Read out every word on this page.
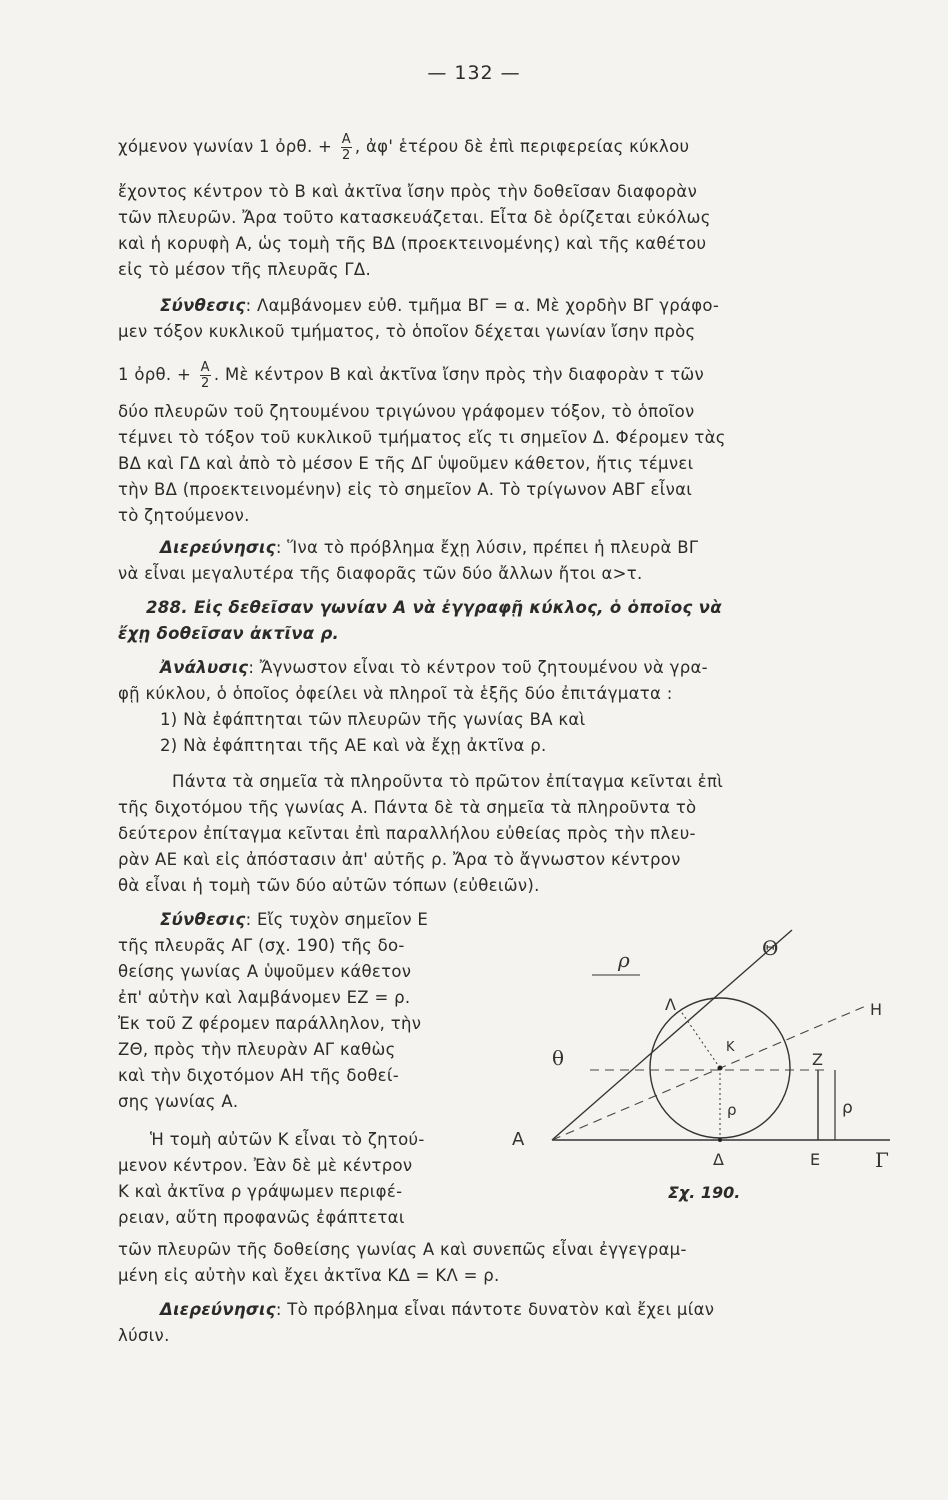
— 132 —
χόμενον γωνίαν 1 ὀρθ. + $\frac{A}{2}$ , ἀφ' ἑτέρου δὲ ἐπὶ περιφερείας κύκλου
ἔχοντος κέντρον τὸ Β καὶ ἀκτῖνα ἴσην πρὸς τὴν δοθεῖσαν διαφορὰν
τῶν πλευρῶν. Ἄρα τοῦτο κατασκευάζεται. Εἶτα δὲ ὁρίζεται εὐκόλως
καὶ ἡ κορυφὴ Α, ὡς τομὴ τῆς ΒΔ (προεκτεινομένης) καὶ τῆς καθέτου
εἰς τὸ μέσον τῆς πλευρᾶς ΓΔ.
Σύνθεσις: Λαμβάνομεν εὐθ. τμῆμα ΒΓ = α. Μὲ χορδὴν ΒΓ γράφο-
μεν τόξον κυκλικοῦ τμήματος, τὸ ὁποῖον δέχεται γωνίαν ἴσην πρὸς
1 ὀρθ. + $\frac{A}{2}$ . Μὲ κέντρον Β καὶ ἀκτῖνα ἴσην πρὸς τὴν διαφορὰν τ τῶν
δύο πλευρῶν τοῦ ζητουμένου τριγώνου γράφομεν τόξον, τὸ ὁποῖον
τέμνει τὸ τόξον τοῦ κυκλικοῦ τμήματος εἴς τι σημεῖον Δ. Φέρομεν τὰς
ΒΔ καὶ ΓΔ καὶ ἀπὸ τὸ μέσον Ε τῆς ΔΓ ὑψοῦμεν κάθετον, ἥτις τέμνει
τὴν ΒΔ (προεκτεινομένην) εἰς τὸ σημεῖον Α. Τὸ τρίγωνον ΑΒΓ εἶναι
τὸ ζητούμενον.
Διερεύνησις: Ἵνα τὸ πρόβλημα ἔχῃ λύσιν, πρέπει ἡ πλευρὰ ΒΓ
νὰ εἶναι μεγαλυτέρα τῆς διαφορᾶς τῶν δύο ἄλλων ἤτοι α>τ.
288. Εἰς δεθεῖσαν γωνίαν Α νὰ ἐγγραφῇ κύκλος, ὁ ὁποῖος νὰ
ἔχῃ δοθεῖσαν ἀκτῖνα ρ.
Ἀνάλυσις: Ἄγνωστον εἶναι τὸ κέντρον τοῦ ζητουμένου νὰ γρα-
φῇ κύκλου, ὁ ὁποῖος ὀφείλει νὰ πληροῖ τὰ ἑξῆς δύο ἐπιτάγματα :
1) Νὰ ἐφάπτηται τῶν πλευρῶν τῆς γωνίας ΒΑ καὶ
2) Νὰ ἐφάπτηται τῆς ΑΕ καὶ νὰ ἔχῃ ἀκτῖνα ρ.
Πάντα τὰ σημεῖα τὰ πληροῦντα τὸ πρῶτον ἐπίταγμα κεῖνται ἐπὶ
τῆς διχοτόμου τῆς γωνίας Α. Πάντα δὲ τὰ σημεῖα τὰ πληροῦντα τὸ
δεύτερον ἐπίταγμα κεῖνται ἐπὶ παραλλήλου εὐθείας πρὸς τὴν πλευ-
ρὰν ΑΕ καὶ εἰς ἀπόστασιν ἀπ' αὐτῆς ρ. Ἄρα τὸ ἄγνωστον κέντρον
θὰ εἶναι ἡ τομὴ τῶν δύο αὐτῶν τόπων (εὐθειῶν).
Σύνθεσις: Εἴς τυχὸν σημεῖον Ε
τῆς πλευρᾶς ΑΓ (σχ. 190) τῆς δο-
θείσης γωνίας Α ὑψοῦμεν κάθετον
ἐπ' αὐτὴν καὶ λαμβάνομεν ΕΖ = ρ.
Ἐκ τοῦ Ζ φέρομεν παράλληλον, τὴν
ΖΘ, πρὸς τὴν πλευρὰν ΑΓ καθὼς
καὶ τὴν διχοτόμον ΑΗ τῆς δοθεί-
σης γωνίας Α.
Ἡ τομὴ αὐτῶν Κ εἶναι τὸ ζητού-
μενον κέντρον. Ἐὰν δὲ μὲ κέντρον
Κ καὶ ἀκτῖνα ρ γράψωμεν περιφέ-
ρειαν, αὕτη προφανῶς ἐφάπτεται
τῶν πλευρῶν τῆς δοθείσης γωνίας Α καὶ συνεπῶς εἶναι ἐγγεγραμ-
μένη εἰς αὐτὴν καὶ ἔχει ἀκτῖνα ΚΔ = ΚΛ = ρ.
Διερεύνησις: Τὸ πρόβλημα εἶναι πάντοτε δυνατὸν καὶ ἔχει μίαν
λύσιν.
ρ	Θ
H
Λ
K
Z
θ
ρ	ρ
A
Δ	E	Γ
Σχ. 190.
